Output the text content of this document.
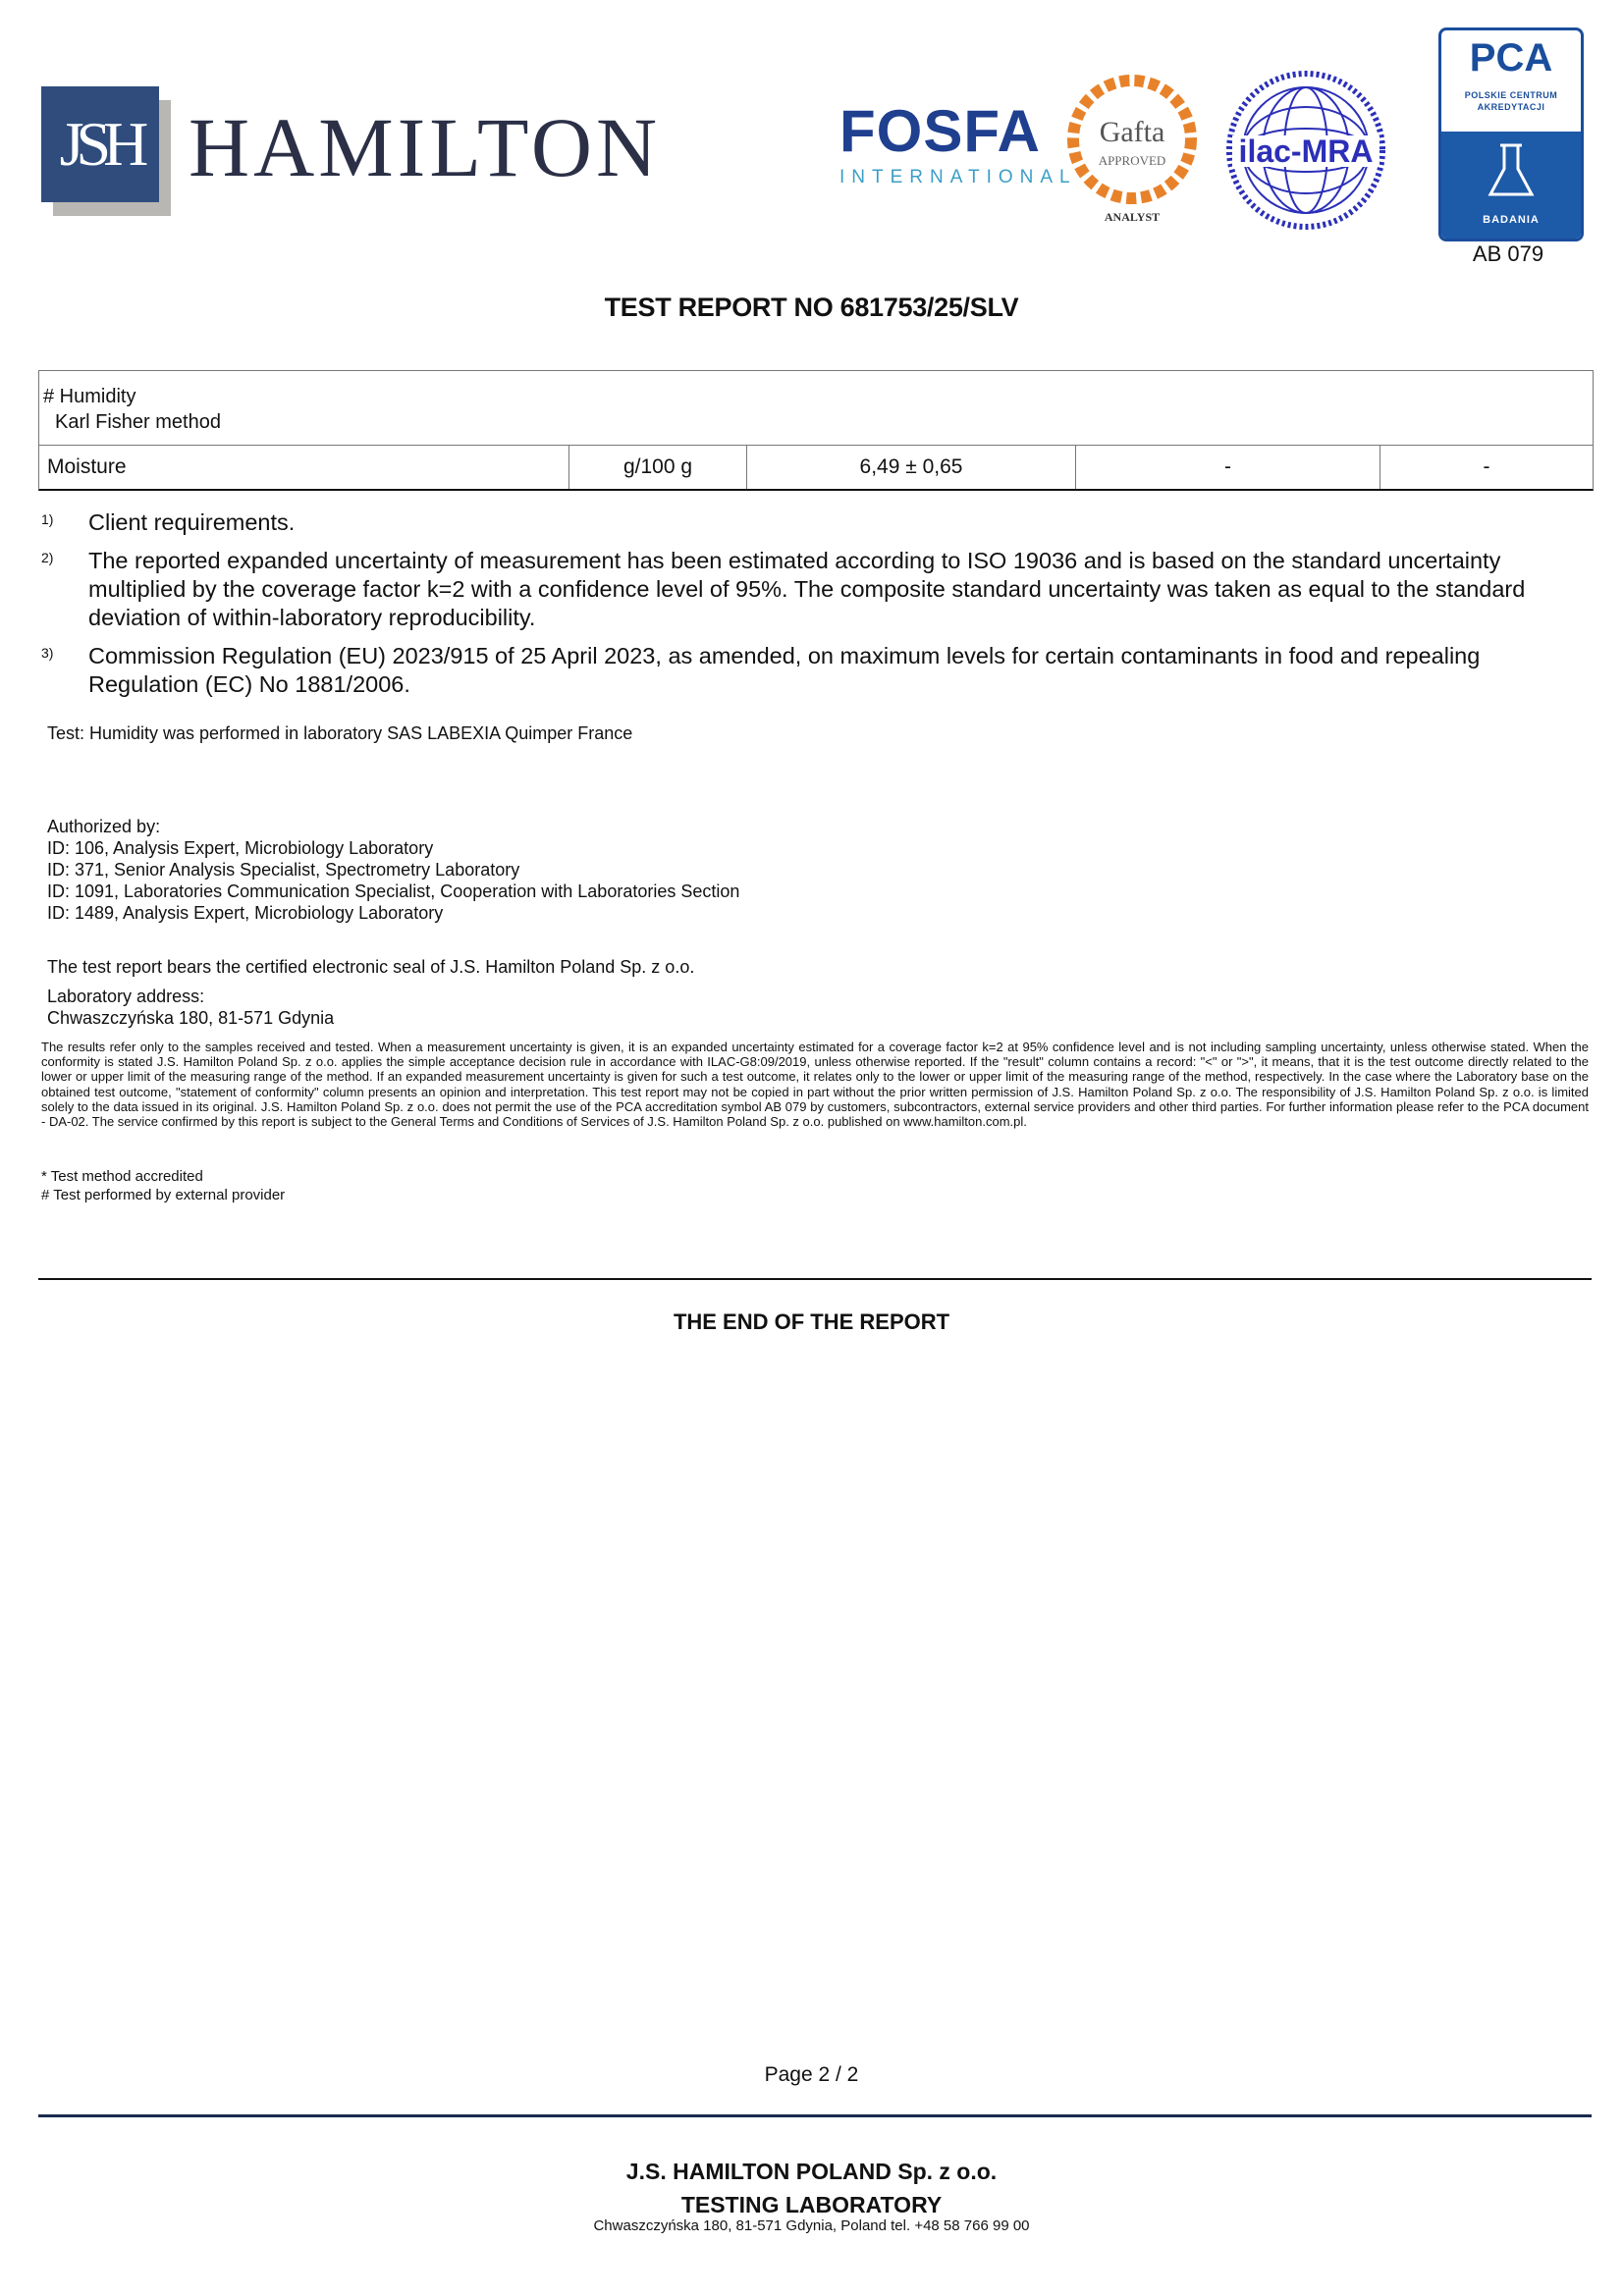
JSH HAMILTON	FOSFA
INTERNATIONAL
Gafta
APPROVED
ANALYST
ilac-MRA
PCA
POLSKIE CENTRUM
AKREDYTACJI
BADANIA
AB 079
TEST REPORT NO 681753/25/SLV
# Humidity
Karl Fisher method
Moisture	g/100 g	6,49 ± 0,65	-	-
1) Client requirements.
2) The reported expanded uncertainty of measurement has been estimated according to ISO 19036 and is based on the standard uncertainty multiplied by the coverage factor k=2 with a confidence level of 95%. The composite standard uncertainty was taken as equal to the standard deviation of within-laboratory reproducibility.
3) Commission Regulation (EU) 2023/915 of 25 April 2023, as amended, on maximum levels for certain contaminants in food and repealing Regulation (EC) No 1881/2006.
Test: Humidity was performed in laboratory SAS LABEXIA Quimper France
Authorized by:
ID: 106, Analysis Expert, Microbiology Laboratory
ID: 371, Senior Analysis Specialist, Spectrometry Laboratory
ID: 1091, Laboratories Communication Specialist, Cooperation with Laboratories Section
ID: 1489, Analysis Expert, Microbiology Laboratory
The test report bears the certified electronic seal of J.S. Hamilton Poland Sp. z o.o.
Laboratory address:
Chwaszczyńska 180, 81-571 Gdynia
The results refer only to the samples received and tested. When a measurement uncertainty is given, it is an expanded uncertainty estimated for a coverage factor k=2 at 95% confidence level and is not including sampling uncertainty, unless otherwise stated. When the conformity is stated J.S. Hamilton Poland Sp. z o.o. applies the simple acceptance decision rule in accordance with ILAC-G8:09/2019, unless otherwise reported. If the "result" column contains a record: "<" or ">", it means, that it is the test outcome directly related to the lower or upper limit of the measuring range of the method. If an expanded measurement uncertainty is given for such a test outcome, it relates only to the lower or upper limit of the measuring range of the method, respectively. In the case where the Laboratory base on the obtained test outcome, "statement of conformity" column presents an opinion and interpretation. This test report may not be copied in part without the prior written permission of J.S. Hamilton Poland Sp. z o.o. The responsibility of J.S. Hamilton Poland Sp. z o.o. is limited solely to the data issued in its original. J.S. Hamilton Poland Sp. z o.o. does not permit the use of the PCA accreditation symbol AB 079 by customers, subcontractors, external service providers and other third parties. For further information please refer to the PCA document - DA-02. The service confirmed by this report is subject to the General Terms and Conditions of Services of J.S. Hamilton Poland Sp. z o.o. published on www.hamilton.com.pl.
* Test method accredited
# Test performed by external provider
THE END OF THE REPORT
Page 2 / 2
J.S. HAMILTON POLAND Sp. z o.o.
TESTING LABORATORY
Chwaszczyńska 180, 81-571 Gdynia, Poland tel. +48 58 766 99 00
